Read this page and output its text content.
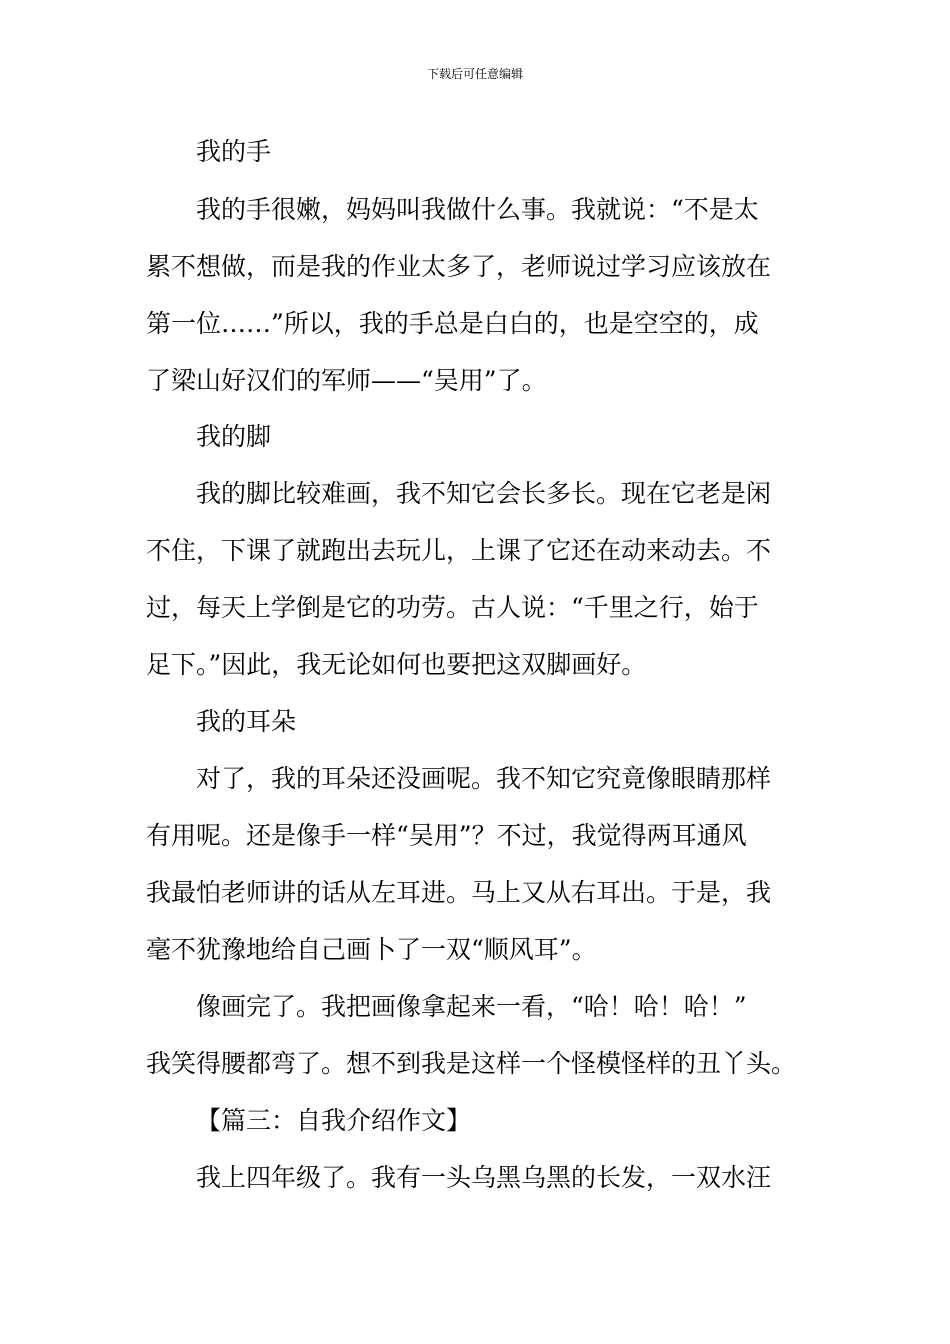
下载后可任意编辑
我的手
我的手很嫩，妈妈叫我做什么事。我就说：“不是太
累不想做，而是我的作业太多了，老师说过学习应该放在
第一位……”所以，我的手总是白白的，也是空空的，成
了梁山好汉们的军师——“吴用”了。
我的脚
我的脚比较难画，我不知它会长多长。现在它老是闲
不住，下课了就跑出去玩儿，上课了它还在动来动去。不
过，每天上学倒是它的功劳。古人说：“千里之行，始于
足下。”因此，我无论如何也要把这双脚画好。
我的耳朵
对了，我的耳朵还没画呢。我不知它究竟像眼睛那样
有用呢。还是像手一样“吴用”？不过，我觉得两耳通风
我最怕老师讲的话从左耳进。马上又从右耳出。于是，我
毫不犹豫地给自己画卜了一双“顺风耳”。
像画完了。我把画像拿起来一看，“哈！哈！哈！”
我笑得腰都弯了。想不到我是这样一个怪模怪样的丑丫头。
【篇三：自我介绍作文】
我上四年级了。我有一头乌黑乌黑的长发，一双水汪
